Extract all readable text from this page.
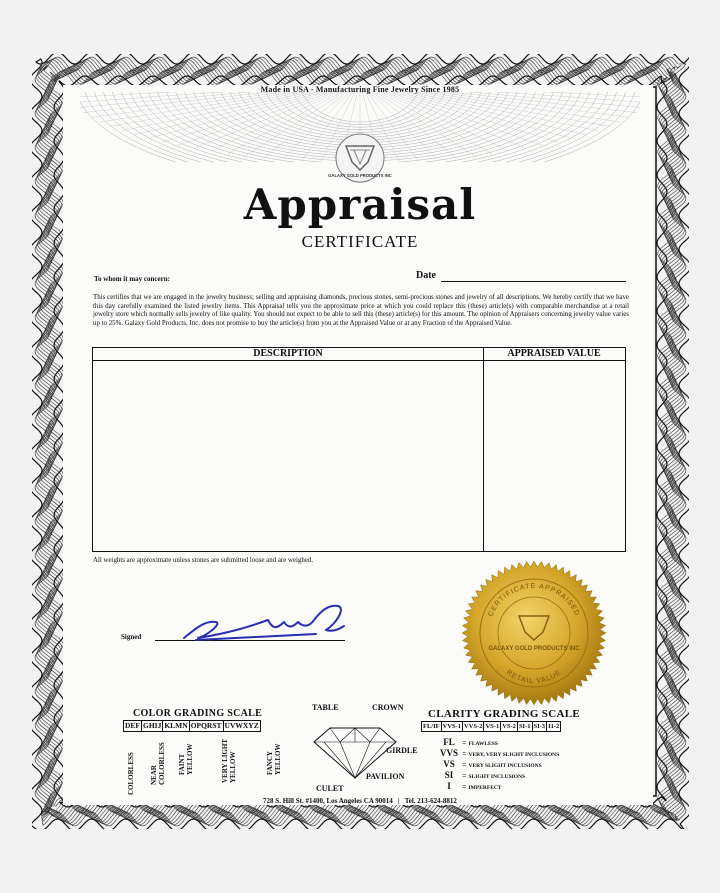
Made in USA - Manufacturing Fine Jewelry Since 1985
GALAXY GOLD PRODUCTS INC
Appraisal
CERTIFICATE
To whom it may concern:	Date
This certifies that we are engaged in the jewelry business; selling and appraising diamonds, precious stones, semi-precious stones and jewelry of all descriptions. We hereby certify that we have this day carefully examined the listed jewelry items. This Appraisal tells you the approximate price at which you could replace this (these) article(s) with comparable merchandise at a retail jewelry store which normally sells jewelry of like quality. You should not expect to be able to sell this (these) article(s) for this amount. The opinion of Appraisers concerning jewelry value varies up to 25%. Galaxy Gold Products, Inc. does not promise to buy the article(s) from you at the Appraised Value or at any Fraction of the Appraised Value.
DESCRIPTION	APPRAISED VALUE
All weights are approximate unless stones are submitted loose and are weighed.
Signed
CERTIFICATE APPRAISED
RETAIL VALUE
GALAXY GOLD PRODUCTS INC
COLOR GRADING SCALE
DEF GHIJ KLMN OPQRST UVWXYZ
COLORLESS NEAR COLORLESS FAINT YELLOW	VERY LIGHT YELLOW	FANCY YELLOW
TABLE	CROWN
GIRDLE
PAVILION
CULET
CLARITY GRADING SCALE
FL/IF VVS-1 VVS-2 VS-1 VS-2 SI-1 SI-3 I1-2
FL = FLAWLESS
VVS = VERY, VERY SLIGHT INCLUSIONS
VS = VERY SLIGHT INCLUSIONS
SI = SLIGHT INCLUSIONS
I = IMPERFECT
728 S. Hill St. #1400, Los Angeles CA 90014 | Tel. 213-624-8812
